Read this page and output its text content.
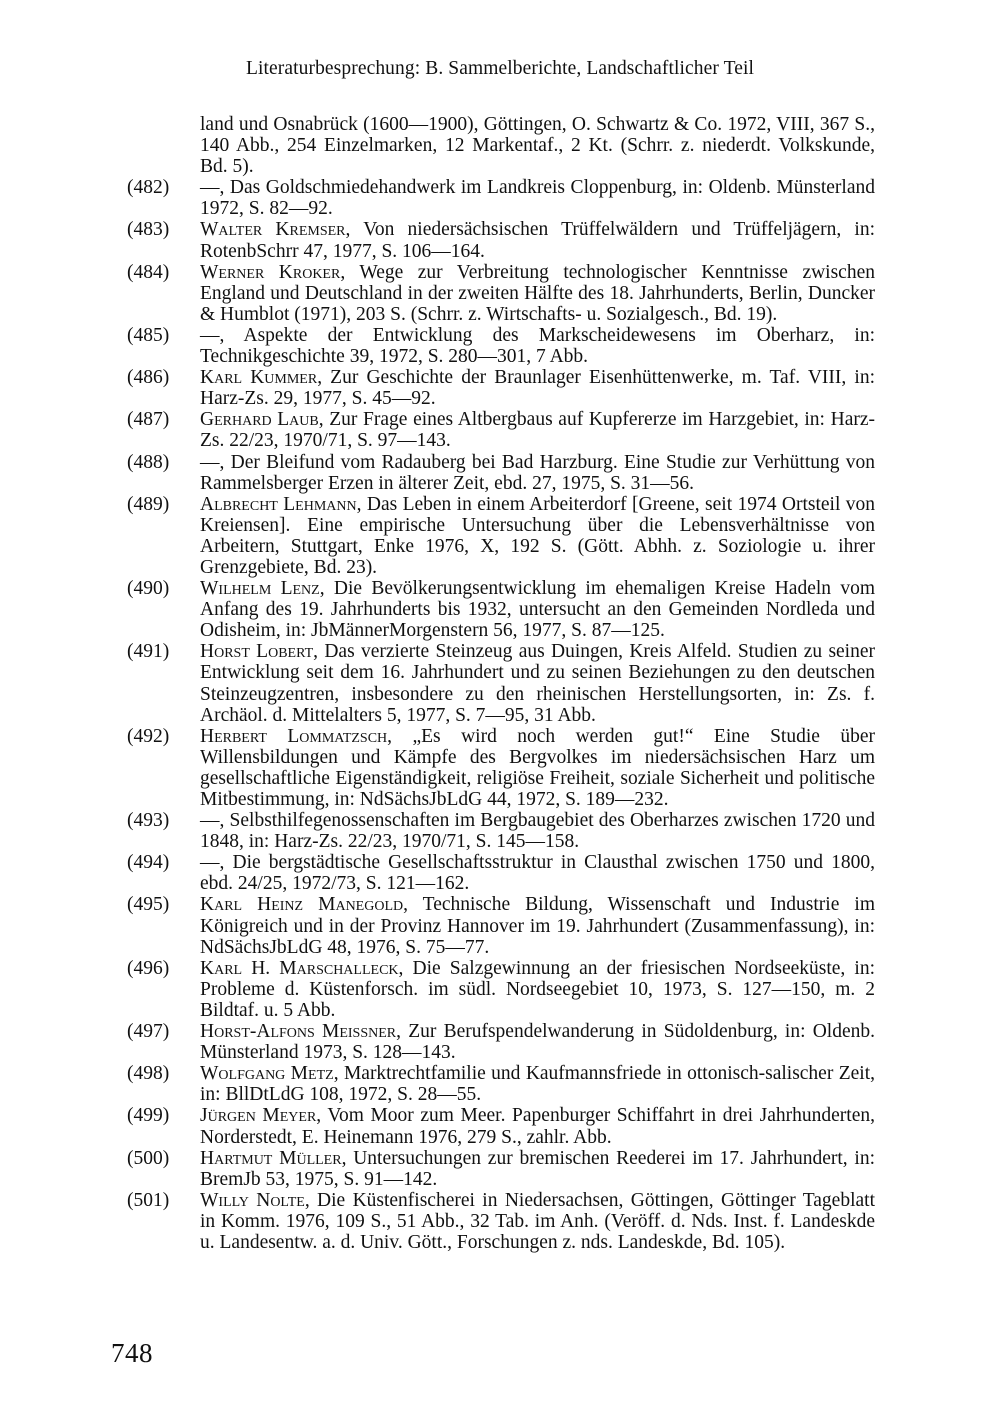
Literaturbesprechung: B. Sammelberichte, Landschaftlicher Teil
land und Osnabrück (1600—1900), Göttingen, O. Schwartz & Co. 1972, VIII, 367 S., 140 Abb., 254 Einzelmarken, 12 Markentaf., 2 Kt. (Schrr. z. niederdt. Volkskunde, Bd. 5).
(482)	—, Das Goldschmiedehandwerk im Landkreis Cloppenburg, in: Oldenb. Münsterland 1972, S. 82—92.
(483)	Walter Kremser, Von niedersächsischen Trüffelwäldern und Trüffeljägern, in: RotenbSchrr 47, 1977, S. 106—164.
(484)	Werner Kroker, Wege zur Verbreitung technologischer Kenntnisse zwischen England und Deutschland in der zweiten Hälfte des 18. Jahrhunderts, Berlin, Duncker & Humblot (1971), 203 S. (Schrr. z. Wirtschafts- u. Sozialgesch., Bd. 19).
(485)	—, Aspekte der Entwicklung des Markscheidewesens im Oberharz, in: Technikgeschichte 39, 1972, S. 280—301, 7 Abb.
(486)	Karl Kummer, Zur Geschichte der Braunlager Eisenhüttenwerke, m. Taf. VIII, in: Harz-Zs. 29, 1977, S. 45—92.
(487)	Gerhard Laub, Zur Frage eines Altbergbaus auf Kupfererze im Harzgebiet, in: Harz-Zs. 22/23, 1970/71, S. 97—143.
(488)	—, Der Bleifund vom Radauberg bei Bad Harzburg. Eine Studie zur Verhüttung von Rammelsberger Erzen in älterer Zeit, ebd. 27, 1975, S. 31—56.
(489)	Albrecht Lehmann, Das Leben in einem Arbeiterdorf [Greene, seit 1974 Ortsteil von Kreiensen]. Eine empirische Untersuchung über die Lebensverhältnisse von Arbeitern, Stuttgart, Enke 1976, X, 192 S. (Gött. Abhh. z. Soziologie u. ihrer Grenzgebiete, Bd. 23).
(490)	Wilhelm Lenz, Die Bevölkerungsentwicklung im ehemaligen Kreise Hadeln vom Anfang des 19. Jahrhunderts bis 1932, untersucht an den Gemeinden Nordleda und Odisheim, in: JbMännerMorgenstern 56, 1977, S. 87—125.
(491)	Horst Lobert, Das verzierte Steinzeug aus Duingen, Kreis Alfeld. Studien zu seiner Entwicklung seit dem 16. Jahrhundert und zu seinen Beziehungen zu den deutschen Steinzeugzentren, insbesondere zu den rheinischen Herstellungsorten, in: Zs. f. Archäol. d. Mittelalters 5, 1977, S. 7—95, 31 Abb.
(492)	Herbert Lommatzsch, „Es wird noch werden gut!“ Eine Studie über Willensbildungen und Kämpfe des Bergvolkes im niedersächsischen Harz um gesellschaftliche Eigenständigkeit, religiöse Freiheit, soziale Sicherheit und politische Mitbestimmung, in: NdSächsJbLdG 44, 1972, S. 189—232.
(493)	—, Selbsthilfegenossenschaften im Bergbaugebiet des Oberharzes zwischen 1720 und 1848, in: Harz-Zs. 22/23, 1970/71, S. 145—158.
(494)	—, Die bergstädtische Gesellschaftsstruktur in Clausthal zwischen 1750 und 1800, ebd. 24/25, 1972/73, S. 121—162.
(495)	Karl Heinz Manegold, Technische Bildung, Wissenschaft und Industrie im Königreich und in der Provinz Hannover im 19. Jahrhundert (Zusammenfassung), in: NdSächsJbLdG 48, 1976, S. 75—77.
(496)	Karl H. Marschalleck, Die Salzgewinnung an der friesischen Nordseeküste, in: Probleme d. Küstenforsch. im südl. Nordseegebiet 10, 1973, S. 127—150, m. 2 Bildtaf. u. 5 Abb.
(497)	Horst-Alfons Meissner, Zur Berufspendelwanderung in Südoldenburg, in: Oldenb. Münsterland 1973, S. 128—143.
(498)	Wolfgang Metz, Marktrechtfamilie und Kaufmannsfriede in ottonisch-salischer Zeit, in: BllDtLdG 108, 1972, S. 28—55.
(499)	Jürgen Meyer, Vom Moor zum Meer. Papenburger Schiffahrt in drei Jahrhunderten, Norderstedt, E. Heinemann 1976, 279 S., zahlr. Abb.
(500)	Hartmut Müller, Untersuchungen zur bremischen Reederei im 17. Jahrhundert, in: BremJb 53, 1975, S. 91—142.
(501)	Willy Nolte, Die Küstenfischerei in Niedersachsen, Göttingen, Göttinger Tageblatt in Komm. 1976, 109 S., 51 Abb., 32 Tab. im Anh. (Veröff. d. Nds. Inst. f. Landeskde u. Landesentw. a. d. Univ. Gött., Forschungen z. nds. Landeskde, Bd. 105).
748
